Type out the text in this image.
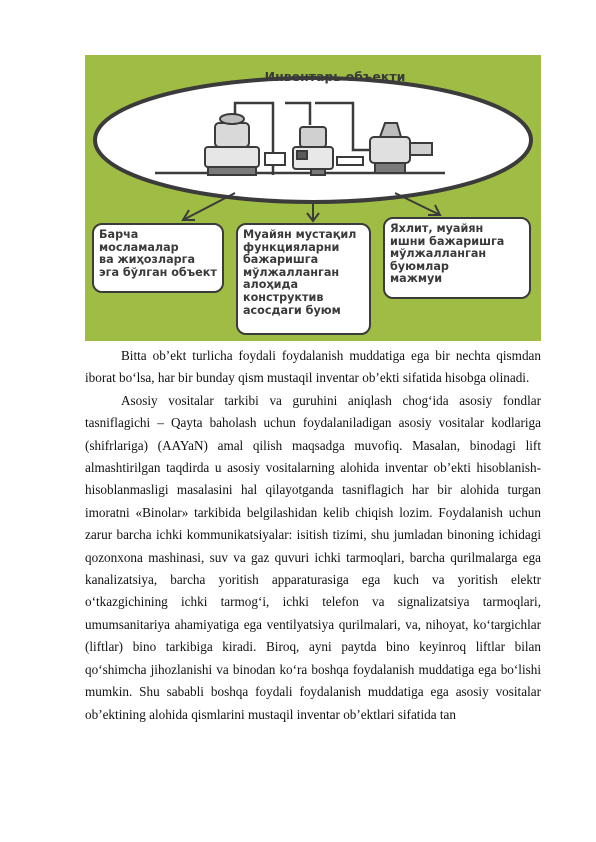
Инвентарь объекти
Барча
мосламалар
ва жиҳозларга
эга бўлган объект
Муайян мустақил
функцияларни
бажаришга
мўлжалланган
алоҳида
конструктив
асосдаги буюм
Яхлит, муайян
ишни бажаришга
мўлжалланган
буюмлар
мажмуи

Bitta ob’ekt turlicha foydali foydalanish muddatiga ega bir nechta qismdan iborat bo‘lsa, har bir bunday qism mustaqil inventar ob’ekti sifatida hisobga olinadi.

Asosiy vositalar tarkibi va guruhini aniqlash chog‘ida asosiy fondlar tasniflagichi – Qayta baholash uchun foydalaniladigan asosiy vositalar kodlariga (shifrlariga) (AAYaN) amal qilish maqsadga muvofiq. Masalan, binodagi lift almashtirilgan taqdirda u asosiy vositalarning alohida inventar ob’ekti hisoblanish-hisoblanmasligi masalasini hal qilayotganda tasniflagich har bir alohida turgan imoratni «Binolar» tarkibida belgilashidan kelib chiqish lozim. Foydalanish uchun zarur barcha ichki kommunikatsiyalar: isitish tizimi, shu jumladan binoning ichidagi qozonxona mashinasi, suv va gaz quvuri ichki tarmoqlari, barcha qurilmalarga ega kanalizatsiya, barcha yoritish apparaturasiga ega kuch va yoritish elektr o‘tkazgichining ichki tarmog‘i, ichki telefon va signalizatsiya tarmoqlari, umumsanitariya ahamiyatiga ega ventilyatsiya qurilmalari, va, nihoyat, ko‘targichlar (liftlar) bino tarkibiga kiradi. Biroq, ayni paytda bino keyinroq liftlar bilan qo‘shimcha jihozlanishi va binodan ko‘ra boshqa foydalanish muddatiga ega bo‘lishi mumkin. Shu sababli boshqa foydali foydalanish muddatiga ega asosiy vositalar ob’ektining alohida qismlarini mustaqil inventar ob’ektlari sifatida tan
